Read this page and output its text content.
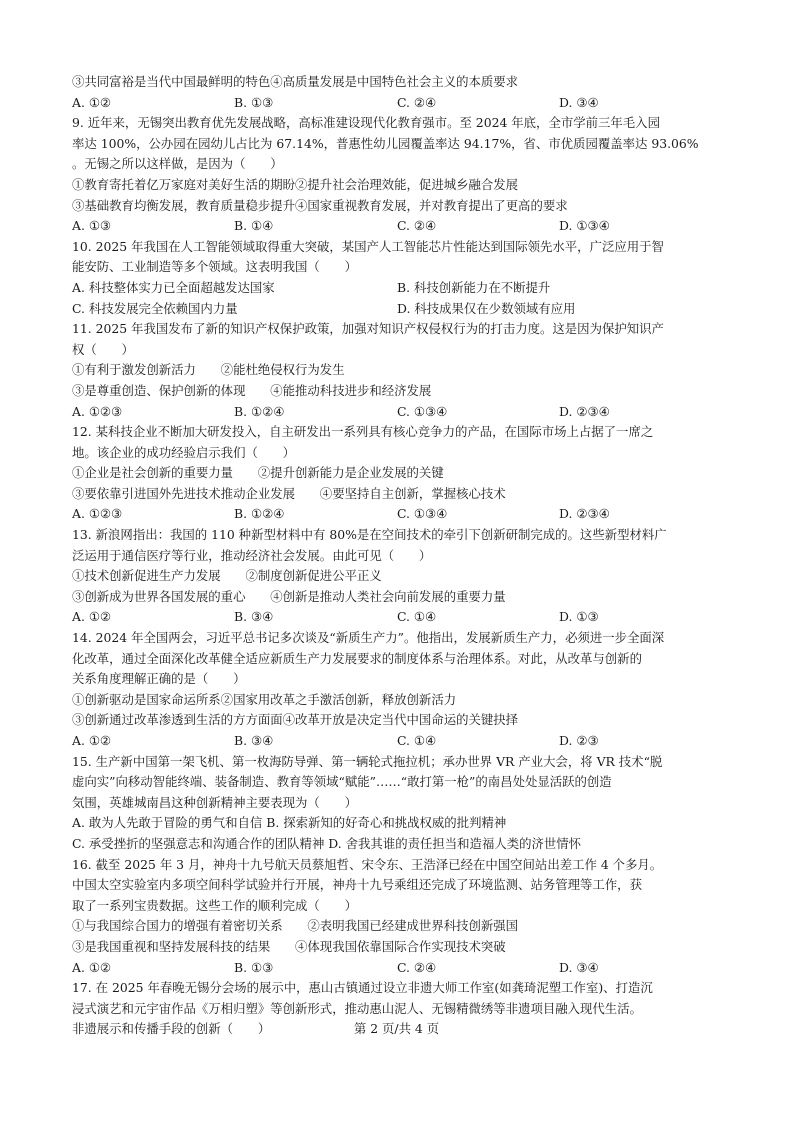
③共同富裕是当代中国最鲜明的特色④高质量发展是中国特色社会主义的本质要求
A. ①②	B. ①③	C. ②④	D. ③④
9. 近年来，无锡突出教育优先发展战略，高标准建设现代化教育强市。至 2024 年底，全市学前三年毛入园
率达 100%，公办园在园幼儿占比为 67.14%，普惠性幼儿园覆盖率达 94.17%，省、市优质园覆盖率达 93.06%
。无锡之所以这样做，是因为（　　）
①教育寄托着亿万家庭对美好生活的期盼②提升社会治理效能，促进城乡融合发展
③基础教育均衡发展，教育质量稳步提升④国家重视教育发展，并对教育提出了更高的要求
A. ①③	B. ①④	C. ②④	D. ①③④
10. 2025 年我国在人工智能领域取得重大突破，某国产人工智能芯片性能达到国际领先水平，广泛应用于智
能安防、工业制造等多个领域。这表明我国（　　）
A. 科技整体实力已全面超越发达国家	B. 科技创新能力在不断提升
C. 科技发展完全依赖国内力量	D. 科技成果仅在少数领域有应用
11. 2025 年我国发布了新的知识产权保护政策，加强对知识产权侵权行为的打击力度。这是因为保护知识产
权（　　）
①有利于激发创新活力　　②能杜绝侵权行为发生
③是尊重创造、保护创新的体现　　④能推动科技进步和经济发展
A. ①②③	B. ①②④	C. ①③④	D. ②③④
12. 某科技企业不断加大研发投入，自主研发出一系列具有核心竞争力的产品，在国际市场上占据了一席之
地。该企业的成功经验启示我们（　　）
①企业是社会创新的重要力量　　②提升创新能力是企业发展的关键
③要依靠引进国外先进技术推动企业发展　　④要坚持自主创新，掌握核心技术
A. ①②③	B. ①②④	C. ①③④	D. ②③④
13. 新浪网指出：我国的 110 种新型材料中有 80%是在空间技术的牵引下创新研制完成的。这些新型材料广
泛运用于通信医疗等行业，推动经济社会发展。由此可见（　　）
①技术创新促进生产力发展　　②制度创新促进公平正义
③创新成为世界各国发展的重心　　④创新是推动人类社会向前发展的重要力量
A. ①②	B. ③④	C. ①④	D. ①③
14. 2024 年全国两会，习近平总书记多次谈及“新质生产力”。他指出，发展新质生产力，必须进一步全面深
化改革，通过全面深化改革健全适应新质生产力发展要求的制度体系与治理体系。对此，从改革与创新的
关系角度理解正确的是（　　）
①创新驱动是国家命运所系②国家用改革之手激活创新，释放创新活力
③创新通过改革渗透到生活的方方面面④改革开放是决定当代中国命运的关键抉择
A. ①②	B. ③④	C. ①④	D. ②③
15. 生产新中国第一架飞机、第一枚海防导弹、第一辆轮式拖拉机；承办世界 VR 产业大会，将 VR 技术“脱
虚向实”向移动智能终端、装备制造、教育等领域“赋能”……“敢打第一枪”的南昌处处显活跃的创造
気围，英雄城南昌这种创新精神主要表现为（　　）
A. 敢为人先敢于冒险的勇气和自信 B. 探索新知的好奇心和挑战权威的批判精神
C. 承受挫折的坚强意志和沟通合作的团队精神 D. 舍我其谁的责任担当和造福人类的济世情怀
16. 截至 2025 年 3 月，神舟十九号航天员蔡旭哲、宋令东、王浩泽已经在中国空间站出差工作 4 个多月。
中国太空实验室内多项空间科学试验并行开展，神舟十九号乘组还完成了环境监测、站务管理等工作，获
取了一系列宝贵数据。这些工作的顺利完成（　　）
①与我国综合国力的增强有着密切关系　　②表明我国已经建成世界科技创新强国
③是我国重视和坚持发展科技的结果　　④体现我国依靠国际合作实现技术突破
A. ①②	B. ①③	C. ②④	D. ③④
17. 在 2025 年春晚无锡分会场的展示中，惠山古镇通过设立非遗大师工作室(如龚琦泥塑工作室)、打造沉
浸式演艺和元宇宙作品《万相归塑》等创新形式，推动惠山泥人、无锡精微绣等非遗项目融入现代生活。
非遗展示和传播手段的创新（　　）	第 2 页/共 4 页
